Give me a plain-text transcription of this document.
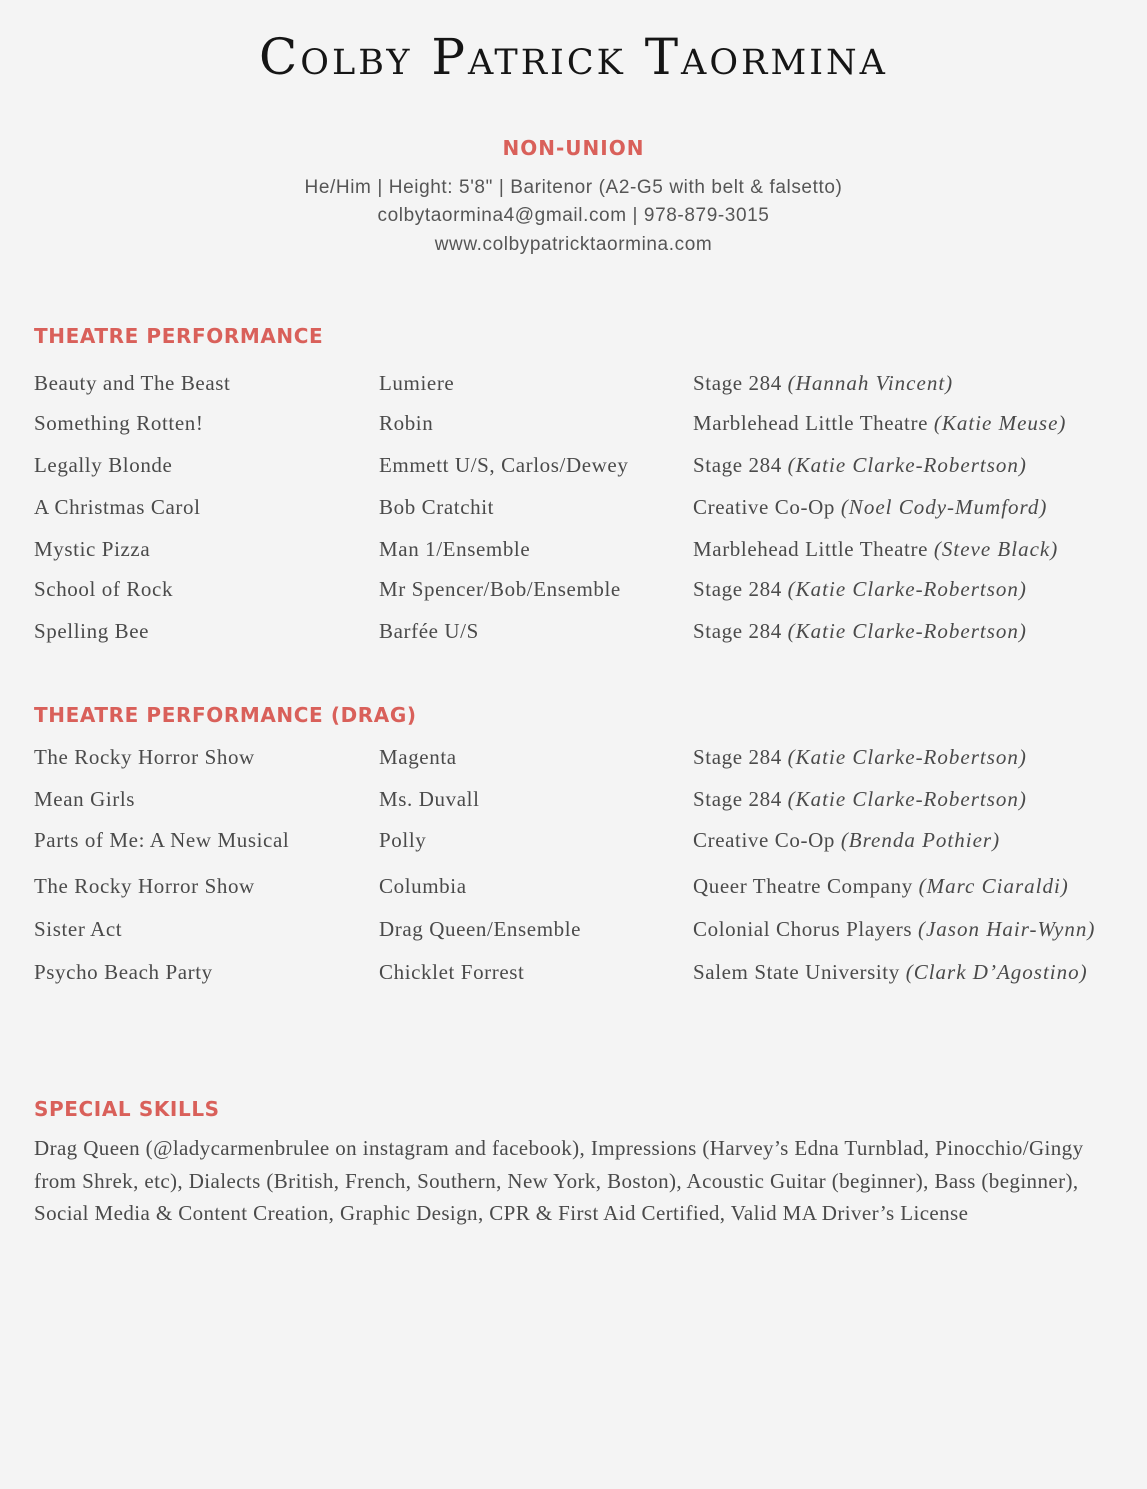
Colby Patrick Taormina
NON-UNION
He/Him | Height: 5'8" | Baritenor (A2-G5 with belt & falsetto)
colbytaormina4@gmail.com | 978-879-3015
www.colbypatricktaormina.com
THEATRE PERFORMANCE
Beauty and The Beast	Lumiere	Stage 284 (Hannah Vincent)
Something Rotten!	Robin	Marblehead Little Theatre (Katie Meuse)
Legally Blonde	Emmett U/S, Carlos/Dewey	Stage 284 (Katie Clarke-Robertson)
A Christmas Carol	Bob Cratchit	Creative Co-Op (Noel Cody-Mumford)
Mystic Pizza	Man 1/Ensemble	Marblehead Little Theatre (Steve Black)
School of Rock	Mr Spencer/Bob/Ensemble	Stage 284 (Katie Clarke-Robertson)
Spelling Bee	Barfée U/S	Stage 284 (Katie Clarke-Robertson)
THEATRE PERFORMANCE (DRAG)
The Rocky Horror Show	Magenta	Stage 284 (Katie Clarke-Robertson)
Mean Girls	Ms. Duvall	Stage 284 (Katie Clarke-Robertson)
Parts of Me: A New Musical	Polly	Creative Co-Op (Brenda Pothier)
The Rocky Horror Show	Columbia	Queer Theatre Company (Marc Ciaraldi)
Sister Act	Drag Queen/Ensemble	Colonial Chorus Players (Jason Hair-Wynn)
Psycho Beach Party	Chicklet Forrest	Salem State University (Clark D’Agostino)
SPECIAL SKILLS
Drag Queen (@ladycarmenbrulee on instagram and facebook), Impressions (Harvey’s Edna Turnblad, Pinocchio/Gingy from Shrek, etc), Dialects (British, French, Southern, New York, Boston), Acoustic Guitar (beginner), Bass (beginner), Social Media & Content Creation, Graphic Design, CPR & First Aid Certified, Valid MA Driver’s License
